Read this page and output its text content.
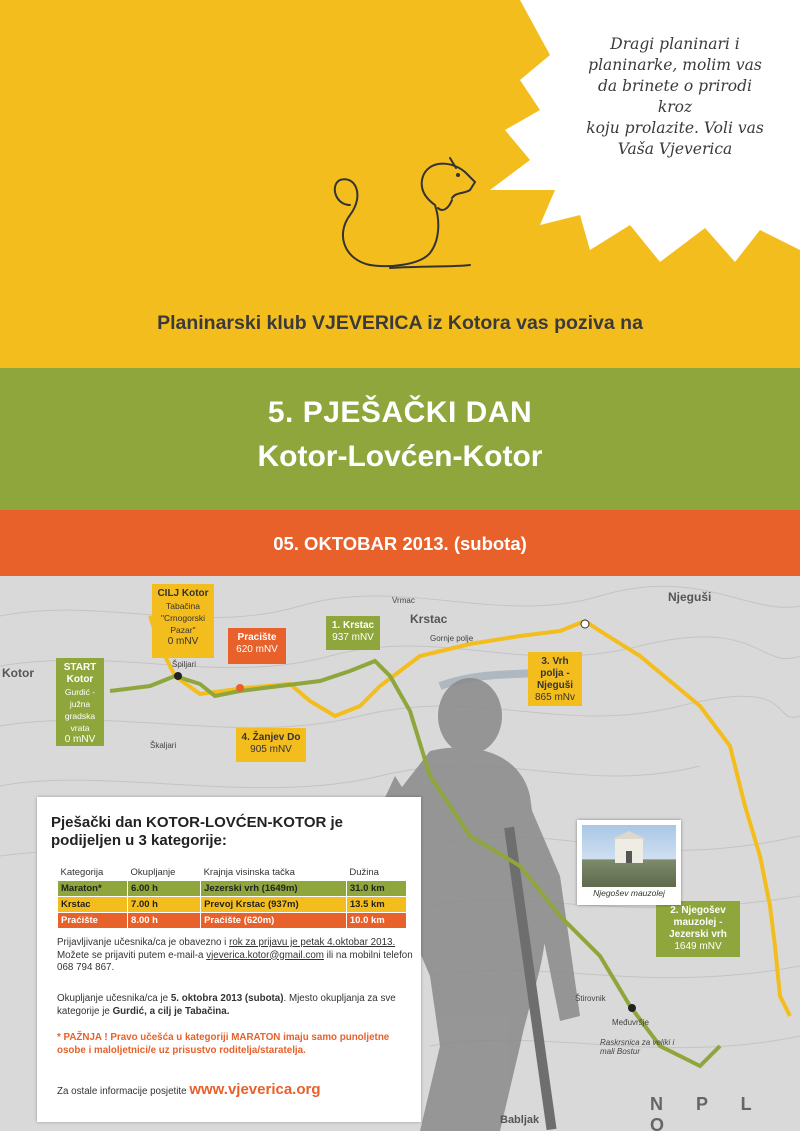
Dragi planinari i
planinarke, molim vas
da brinete o prirodi kroz
koju prolazite. Voli vas
Vaša Vjeverica
Planinarski klub VJEVERICA iz Kotora vas poziva na
5. PJEŠAČKI DAN
Kotor-Lovćen-Kotor
05. OKTOBAR 2013. (subota)
Njeguši
Krstac
Vrmac
Špiljari
Škaljari
Kotor
Gornje polje
Međuvršje
Štirovnik
Babljak
Raskrsnica za veliki i mali Bostur
N P L O
CILJ Kotor
Tabačina "Crnogorski Pazar"
0 mNV
START Kotor
Gurdić - južna gradska vrata
0 mNV
Pracište
620 mNV
1. Krstac
937 mNV
3. Vrh polja - Njeguši
865 mNv
4. Žanjev Do
905 mNV
2. Njegošev mauzolej - Jezerski vrh
1649 mNV
Njegošev mauzolej
Pješački dan KOTOR-LOVĆEN-KOTOR je podijeljen u 3 kategorije:
Kategorija	Okupljanje	Krajnja visinska tačka	Dužina
Maraton*	6.00 h	Jezerski vrh (1649m)	31.0 km
Krstac	7.00 h	Prevoj Krstac (937m)	13.5 km
Praćište	8.00 h	Praćište (620m)	10.0 km
Prijavljivanje učesnika/ca je obavezno i rok za prijavu je petak 4.oktobar 2013. Možete se prijaviti putem e-mail-a vjeverica.kotor@gmail.com ili na mobilni telefon 068 794 867.
Okupljanje učesnika/ca je 5. oktobra 2013 (subota). Mjesto okupljanja za sve kategorije je Gurdić, a cilj je Tabačina.
* PAŽNJA ! Pravo učešća u kategoriji MARATON imaju samo punoljetne osobe i maloljetnici/e uz prisustvo roditelja/staratelja.
Za ostale informacije posjetite www.vjeverica.org
